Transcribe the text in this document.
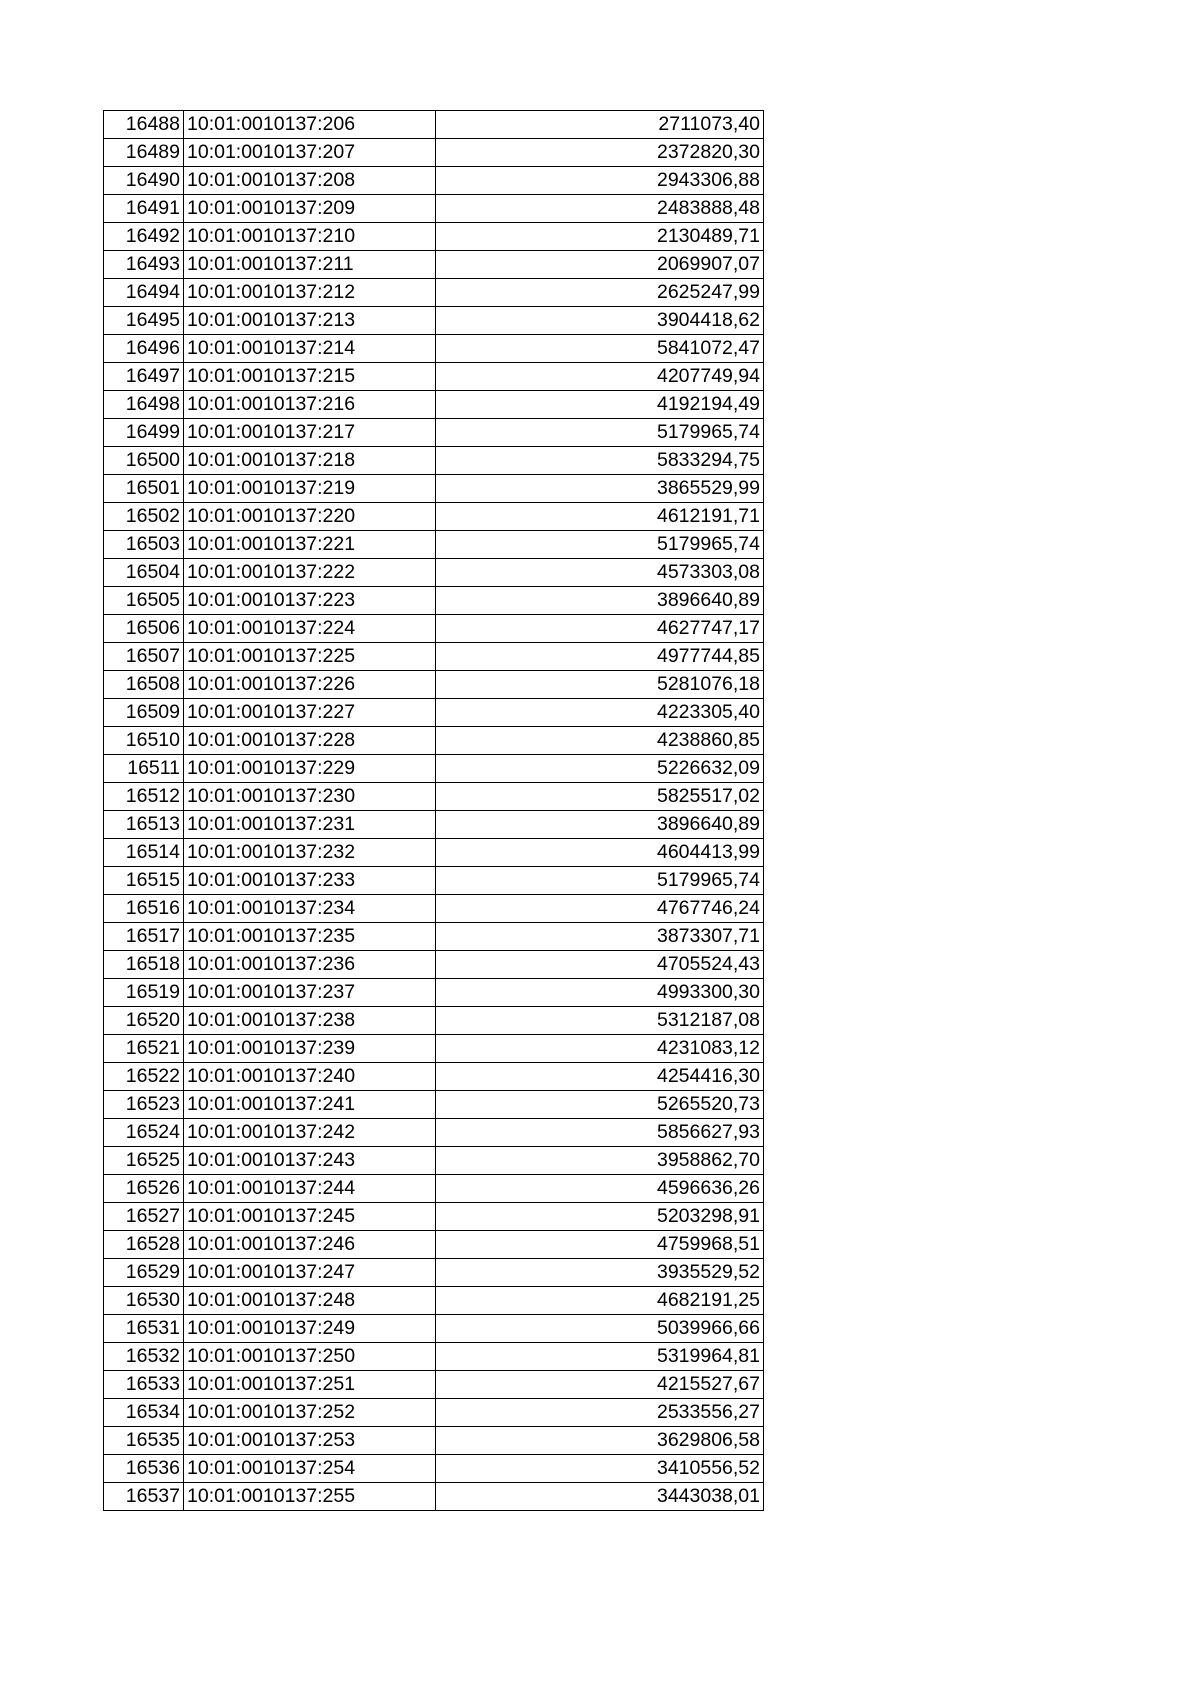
16488	10:01:0010137:206	2711073,40
16489	10:01:0010137:207	2372820,30
16490	10:01:0010137:208	2943306,88
16491	10:01:0010137:209	2483888,48
16492	10:01:0010137:210	2130489,71
16493	10:01:0010137:211	2069907,07
16494	10:01:0010137:212	2625247,99
16495	10:01:0010137:213	3904418,62
16496	10:01:0010137:214	5841072,47
16497	10:01:0010137:215	4207749,94
16498	10:01:0010137:216	4192194,49
16499	10:01:0010137:217	5179965,74
16500	10:01:0010137:218	5833294,75
16501	10:01:0010137:219	3865529,99
16502	10:01:0010137:220	4612191,71
16503	10:01:0010137:221	5179965,74
16504	10:01:0010137:222	4573303,08
16505	10:01:0010137:223	3896640,89
16506	10:01:0010137:224	4627747,17
16507	10:01:0010137:225	4977744,85
16508	10:01:0010137:226	5281076,18
16509	10:01:0010137:227	4223305,40
16510	10:01:0010137:228	4238860,85
16511	10:01:0010137:229	5226632,09
16512	10:01:0010137:230	5825517,02
16513	10:01:0010137:231	3896640,89
16514	10:01:0010137:232	4604413,99
16515	10:01:0010137:233	5179965,74
16516	10:01:0010137:234	4767746,24
16517	10:01:0010137:235	3873307,71
16518	10:01:0010137:236	4705524,43
16519	10:01:0010137:237	4993300,30
16520	10:01:0010137:238	5312187,08
16521	10:01:0010137:239	4231083,12
16522	10:01:0010137:240	4254416,30
16523	10:01:0010137:241	5265520,73
16524	10:01:0010137:242	5856627,93
16525	10:01:0010137:243	3958862,70
16526	10:01:0010137:244	4596636,26
16527	10:01:0010137:245	5203298,91
16528	10:01:0010137:246	4759968,51
16529	10:01:0010137:247	3935529,52
16530	10:01:0010137:248	4682191,25
16531	10:01:0010137:249	5039966,66
16532	10:01:0010137:250	5319964,81
16533	10:01:0010137:251	4215527,67
16534	10:01:0010137:252	2533556,27
16535	10:01:0010137:253	3629806,58
16536	10:01:0010137:254	3410556,52
16537	10:01:0010137:255	3443038,01
